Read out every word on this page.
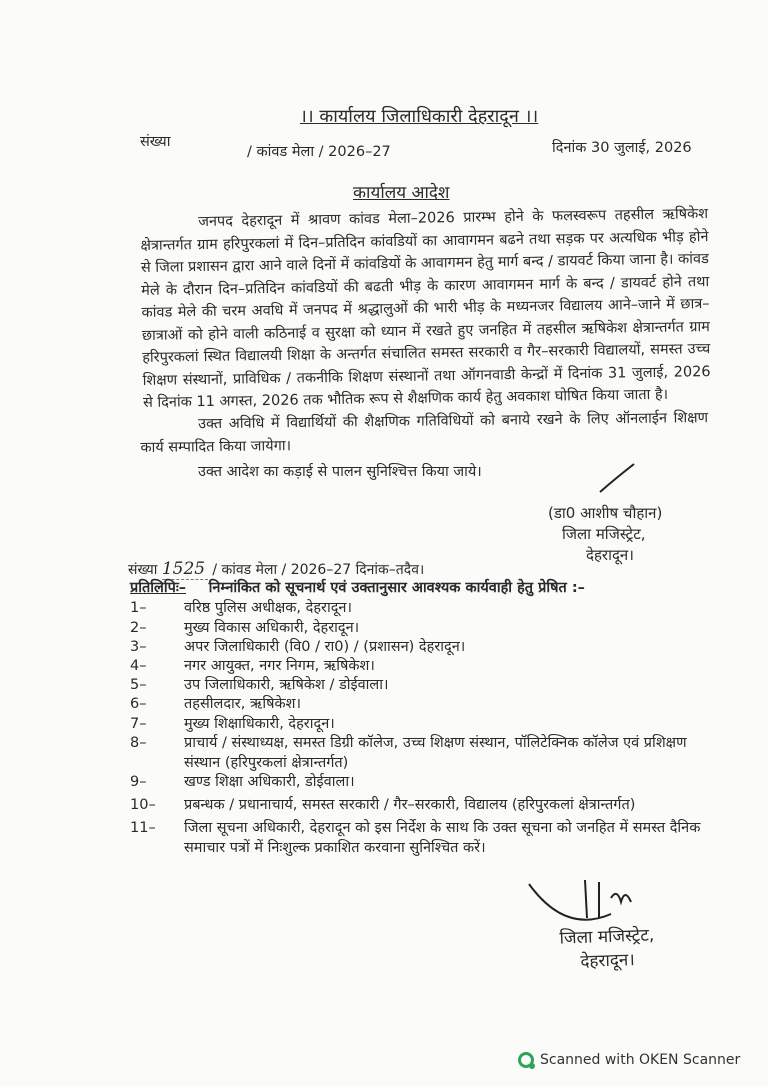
।। कार्यालय जिलाधिकारी देहरादून ।।
संख्या
/ कांवड मेला / 2026–27	दिनांक 30 जुलाई, 2026
कार्यालय आदेश

जनपद देहरादून में श्रावण कांवड मेला–2026 प्रारम्भ होने के फलस्वरूप तहसील ऋषिकेश क्षेत्रान्तर्गत ग्राम हरिपुरकलां में दिन–प्रतिदिन कांवडियों का आवागमन बढने तथा सड़क पर अत्यधिक भीड़ होने से जिला प्रशासन द्वारा आने वाले दिनों में कांवडियों के आवागमन हेतु मार्ग बन्द / डायवर्ट किया जाना है। कांवड मेले के दौरान दिन–प्रतिदिन कांवडियों की बढती भीड़ के कारण आवागमन मार्ग के बन्द / डायवर्ट होने तथा कांवड मेले की चरम अवधि में जनपद में श्रद्धालुओं की भारी भीड़ के मध्यनजर विद्यालय आने–जाने में छात्र–छात्राओं को होने वाली कठिनाई व सुरक्षा को ध्यान में रखते हुए जनहित में तहसील ऋषिकेश क्षेत्रान्तर्गत ग्राम हरिपुरकलां स्थित विद्यालयी शिक्षा के अन्तर्गत संचालित समस्त सरकारी व गैर–सरकारी विद्यालयों, समस्त उच्च शिक्षण संस्थानों, प्राविधिक / तकनीकि शिक्षण संस्थानों तथा ऑगनवाडी केन्द्रों में दिनांक 31 जुलाई, 2026 से दिनांक 11 अगस्त, 2026 तक भौतिक रूप से शैक्षणिक कार्य हेतु अवकाश घोषित किया जाता है।

उक्त अविधि में विद्यार्थियों की शैक्षणिक गतिविधियों को बनाये रखने के लिए ऑनलाईन शिक्षण कार्य सम्पादित किया जायेगा।

उक्त आदेश का कड़ाई से पालन सुनिश्चित्त किया जाये।
(डा0 आशीष चौहान)
जिला मजिस्ट्रेट,
देहरादून।
संख्या 1525 / कांवड मेला / 2026–27 दिनांक–तदैव।
प्रतिलिपिः– निम्नांकित को सूचनार्थ एवं उक्तानुसार आवश्यक कार्यवाही हेतु प्रेषित :–
1–	वरिष्ठ पुलिस अधीक्षक, देहरादून।
2–	मुख्य विकास अधिकारी, देहरादून।
3–	अपर जिलाधिकारी (वि0 / रा0) / (प्रशासन) देहरादून।
4–	नगर आयुक्त, नगर निगम, ऋषिकेश।
5–	उप जिलाधिकारी, ऋषिकेश / डोईवाला।
6–	तहसीलदार, ऋषिकेश।
7–	मुख्य शिक्षाधिकारी, देहरादून।
8–	प्राचार्य / संस्थाध्यक्ष, समस्त डिग्री कॉलेज, उच्च शिक्षण संस्थान, पॉलिटेक्निक कॉलेज एवं प्रशिक्षण संस्थान (हरिपुरकलां क्षेत्रान्तर्गत)
9–	खण्ड शिक्षा अधिकारी, डोईवाला।
10–	प्रबन्धक / प्रधानाचार्य, समस्त सरकारी / गैर–सरकारी, विद्यालय (हरिपुरकलां क्षेत्रान्तर्गत)
11–	जिला सूचना अधिकारी, देहरादून को इस निर्देश के साथ कि उक्त सूचना को जनहित में समस्त दैनिक समाचार पत्रों में निःशुल्क प्रकाशित करवाना सुनिश्चित करें।
जिला मजिस्ट्रेट,
देहरादून।
Scanned with OKEN Scanner
